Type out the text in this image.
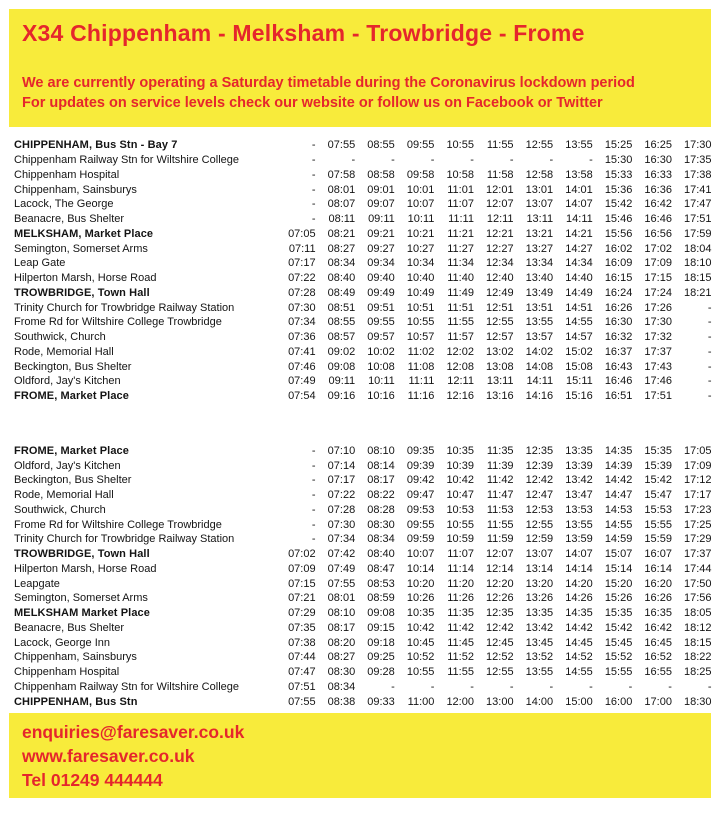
X34 Chippenham - Melksham - Trowbridge - Frome
We are currently operating a Saturday timetable during the Coronavirus lockdown period
For updates on service levels check our website or follow us on Facebook or Twitter
CHIPPENHAM, Bus Stn - Bay 7	-	07:55	08:55	09:55	10:55	11:55	12:55	13:55	15:25	16:25	17:30
Chippenham Railway Stn for Wiltshire College	-	-	-	-	-	-	-	-	15:30	16:30	17:35
Chippenham Hospital	-	07:58	08:58	09:58	10:58	11:58	12:58	13:58	15:33	16:33	17:38
Chippenham, Sainsburys	-	08:01	09:01	10:01	11:01	12:01	13:01	14:01	15:36	16:36	17:41
Lacock, The George	-	08:07	09:07	10:07	11:07	12:07	13:07	14:07	15:42	16:42	17:47
Beanacre, Bus Shelter	-	08:11	09:11	10:11	11:11	12:11	13:11	14:11	15:46	16:46	17:51
MELKSHAM, Market Place	07:05	08:21	09:21	10:21	11:21	12:21	13:21	14:21	15:56	16:56	17:59
Semington, Somerset Arms	07:11	08:27	09:27	10:27	11:27	12:27	13:27	14:27	16:02	17:02	18:04
Leap Gate	07:17	08:34	09:34	10:34	11:34	12:34	13:34	14:34	16:09	17:09	18:10
Hilperton Marsh, Horse Road	07:22	08:40	09:40	10:40	11:40	12:40	13:40	14:40	16:15	17:15	18:15
TROWBRIDGE, Town Hall	07:28	08:49	09:49	10:49	11:49	12:49	13:49	14:49	16:24	17:24	18:21
Trinity Church for Trowbridge Railway Station	07:30	08:51	09:51	10:51	11:51	12:51	13:51	14:51	16:26	17:26	-
Frome Rd for Wiltshire College Trowbridge	07:34	08:55	09:55	10:55	11:55	12:55	13:55	14:55	16:30	17:30	-
Southwick, Church	07:36	08:57	09:57	10:57	11:57	12:57	13:57	14:57	16:32	17:32	-
Rode, Memorial Hall	07:41	09:02	10:02	11:02	12:02	13:02	14:02	15:02	16:37	17:37	-
Beckington, Bus Shelter	07:46	09:08	10:08	11:08	12:08	13:08	14:08	15:08	16:43	17:43	-
Oldford, Jay's Kitchen	07:49	09:11	10:11	11:11	12:11	13:11	14:11	15:11	16:46	17:46	-
FROME, Market Place	07:54	09:16	10:16	11:16	12:16	13:16	14:16	15:16	16:51	17:51	-
FROME, Market Place	-	07:10	08:10	09:35	10:35	11:35	12:35	13:35	14:35	15:35	17:05
Oldford, Jay's Kitchen	-	07:14	08:14	09:39	10:39	11:39	12:39	13:39	14:39	15:39	17:09
Beckington, Bus Shelter	-	07:17	08:17	09:42	10:42	11:42	12:42	13:42	14:42	15:42	17:12
Rode, Memorial Hall	-	07:22	08:22	09:47	10:47	11:47	12:47	13:47	14:47	15:47	17:17
Southwick, Church	-	07:28	08:28	09:53	10:53	11:53	12:53	13:53	14:53	15:53	17:23
Frome Rd for Wiltshire College Trowbridge	-	07:30	08:30	09:55	10:55	11:55	12:55	13:55	14:55	15:55	17:25
Trinity Church for Trowbridge Railway Station	-	07:34	08:34	09:59	10:59	11:59	12:59	13:59	14:59	15:59	17:29
TROWBRIDGE, Town Hall	07:02	07:42	08:40	10:07	11:07	12:07	13:07	14:07	15:07	16:07	17:37
Hilperton Marsh, Horse Road	07:09	07:49	08:47	10:14	11:14	12:14	13:14	14:14	15:14	16:14	17:44
Leapgate	07:15	07:55	08:53	10:20	11:20	12:20	13:20	14:20	15:20	16:20	17:50
Semington, Somerset Arms	07:21	08:01	08:59	10:26	11:26	12:26	13:26	14:26	15:26	16:26	17:56
MELKSHAM Market Place	07:29	08:10	09:08	10:35	11:35	12:35	13:35	14:35	15:35	16:35	18:05
Beanacre, Bus Shelter	07:35	08:17	09:15	10:42	11:42	12:42	13:42	14:42	15:42	16:42	18:12
Lacock, George Inn	07:38	08:20	09:18	10:45	11:45	12:45	13:45	14:45	15:45	16:45	18:15
Chippenham, Sainsburys	07:44	08:27	09:25	10:52	11:52	12:52	13:52	14:52	15:52	16:52	18:22
Chippenham Hospital	07:47	08:30	09:28	10:55	11:55	12:55	13:55	14:55	15:55	16:55	18:25
Chippenham Railway Stn for Wiltshire College	07:51	08:34	-	-	-	-	-	-	-	-	-
CHIPPENHAM, Bus Stn	07:55	08:38	09:33	11:00	12:00	13:00	14:00	15:00	16:00	17:00	18:30
enquiries@faresaver.co.uk
www.faresaver.co.uk
Tel 01249 444444
